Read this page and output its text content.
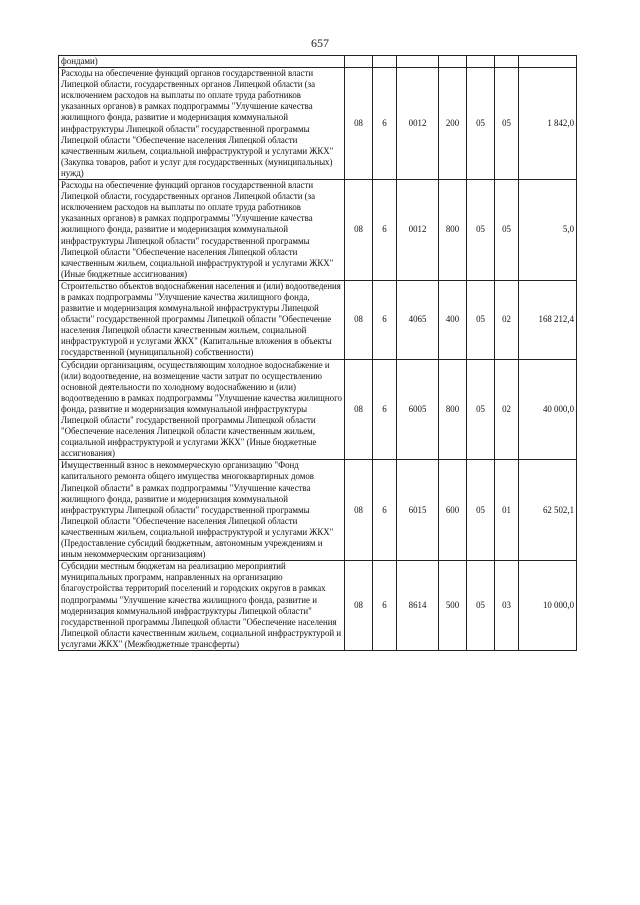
657
фондами)							
Расходы на обеспечение функций органов государственной власти Липецкой области, государственных органов Липецкой области (за исключением расходов на выплаты по оплате труда работников указанных органов) в рамках подпрограммы "Улучшение качества жилищного фонда, развитие и модернизация коммунальной инфраструктуры Липецкой области" государственной программы Липецкой области "Обеспечение населения Липецкой области качественным жильем, социальной инфраструктурой и услугами ЖКХ" (Закупка товаров, работ и услуг для государственных (муниципальных) нужд)	08	6	0012	200	05	05	1 842,0
Расходы на обеспечение функций органов государственной власти Липецкой области, государственных органов Липецкой области (за исключением расходов на выплаты по оплате труда работников указанных органов) в рамках подпрограммы "Улучшение качества жилищного фонда, развитие и модернизация коммунальной инфраструктуры Липецкой области" государственной программы Липецкой области "Обеспечение населения Липецкой области качественным жильем, социальной инфраструктурой и услугами ЖКХ" (Иные бюджетные ассигнования)	08	6	0012	800	05	05	5,0
Строительство объектов водоснабжения населения и (или) водоотведения в рамках подпрограммы "Улучшение качества жилищного фонда, развитие и модернизация коммунальной инфраструктуры Липецкой области" государственной программы Липецкой области "Обеспечение населения Липецкой области качественным жильем, социальной инфраструктурой и услугами ЖКХ" (Капитальные вложения в объекты государственной (муниципальной) собственности)	08	6	4065	400	05	02	168 212,4
Субсидии организациям, осуществляющим холодное водоснабжение и (или) водоотведение, на возмещение части затрат по осуществлению основной деятельности по холодному водоснабжению и (или) водоотведению в рамках подпрограммы "Улучшение качества жилищного фонда, развитие и модернизация коммунальной инфраструктуры Липецкой области" государственной программы Липецкой области "Обеспечение населения Липецкой области качественным жильем, социальной инфраструктурой и услугами ЖКХ" (Иные бюджетные ассигнования)	08	6	6005	800	05	02	40 000,0
Имущественный взнос в некоммерческую организацию "Фонд капитального ремонта общего имущества многоквартирных домов Липецкой области" в рамках подпрограммы "Улучшение качества жилищного фонда, развитие и модернизация коммунальной инфраструктуры Липецкой области" государственной программы Липецкой области "Обеспечение населения Липецкой области качественным жильем, социальной инфраструктурой и услугами ЖКХ" (Предоставление субсидий бюджетным, автономным учреждениям и иным некоммерческим организациям)	08	6	6015	600	05	01	62 502,1
Субсидии местным бюджетам на реализацию мероприятий муниципальных программ, направленных на организацию благоустройства территорий поселений и городских округов в рамках подпрограммы "Улучшение качества жилищного фонда, развитие и модернизация коммунальной инфраструктуры Липецкой области" государственной программы Липецкой области "Обеспечение населения Липецкой области качественным жильем, социальной инфраструктурой и услугами ЖКХ" (Межбюджетные трансферты)	08	6	8614	500	05	03	10 000,0
